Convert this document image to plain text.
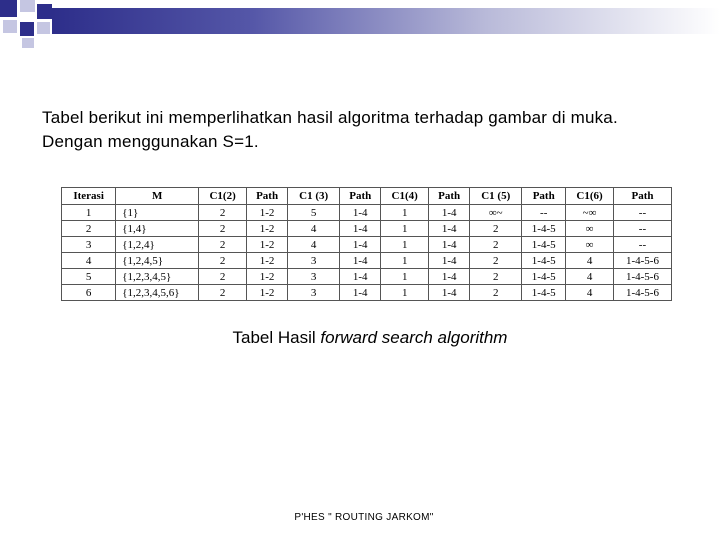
Tabel berikut ini memperlihatkan hasil algoritma terhadap gambar di muka. Dengan menggunakan S=1.
Iterasi	M	C1(2)	Path	C1 (3)	Path	C1(4)	Path	C1 (5)	Path	C1(6)	Path
1	{1}	2	1-2	5	1-4	1	1-4	∞~	--	~∞	--
2	{1,4}	2	1-2	4	1-4	1	1-4	2	1-4-5	∞	--
3	{1,2,4}	2	1-2	4	1-4	1	1-4	2	1-4-5	∞	--
4	{1,2,4,5}	2	1-2	3	1-4	1	1-4	2	1-4-5	4	1-4-5-6
5	{1,2,3,4,5}	2	1-2	3	1-4	1	1-4	2	1-4-5	4	1-4-5-6
6	{1,2,3,4,5,6}	2	1-2	3	1-4	1	1-4	2	1-4-5	4	1-4-5-6
Tabel Hasil forward search algorithm
P'HES " ROUTING JARKOM"
